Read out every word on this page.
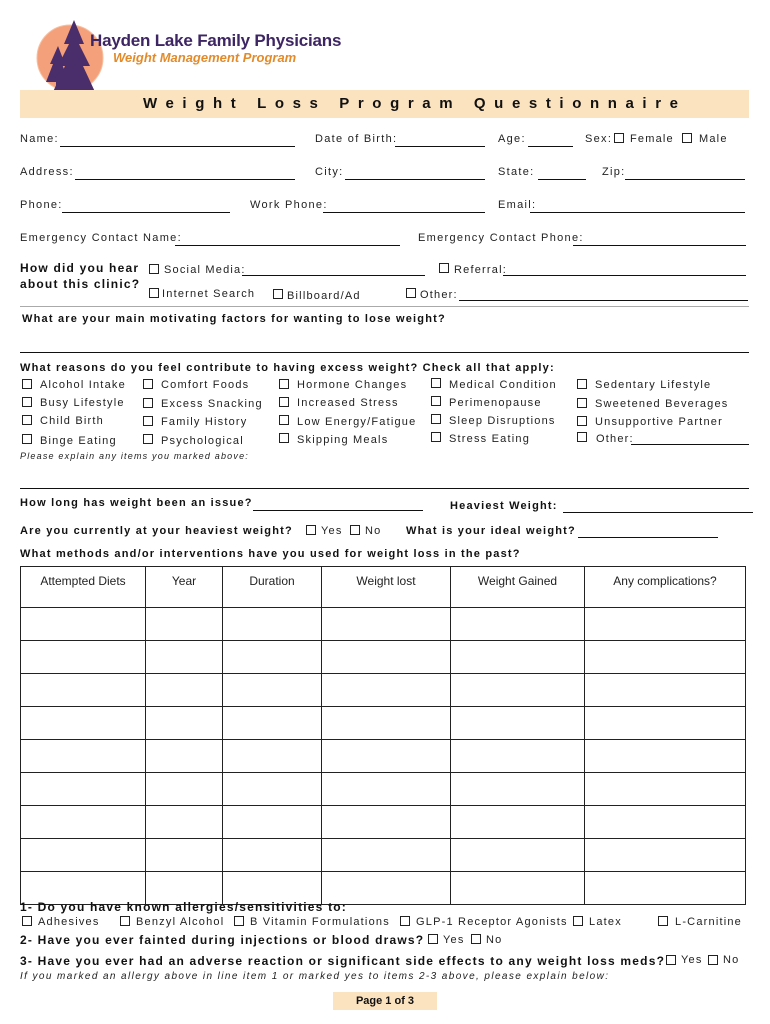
Hayden Lake Family Physicians
Weight Management Program
Weight Loss Program Questionnaire
Name:	Date of Birth:	Age:	Sex: Female Male
Address:	City:	State:	Zip:
Phone:	Work Phone:	Email:
Emergency Contact Name:	Emergency Contact Phone:
How did you hear
about this clinic?
Social Media:	Referral:
Internet Search	Billboard/Ad	Other:
What are your main motivating factors for wanting to lose weight?
What reasons do you feel contribute to having excess weight? Check all that apply:
Alcohol Intake
Busy Lifestyle
Child Birth
Binge Eating
Comfort Foods
Excess Snacking
Family History
Psychological
Hormone Changes
Increased Stress
Low Energy/Fatigue
Skipping Meals
Medical Condition
Perimenopause
Sleep Disruptions
Stress Eating
Sedentary Lifestyle
Sweetened Beverages
Unsupportive Partner
Other:
Please explain any items you marked above:
How long has weight been an issue?	Heaviest Weight:
Are you currently at your heaviest weight?	Yes No What is your ideal weight?
What methods and/or interventions have you used for weight loss in the past?
Attempted Diets	Year	Duration	Weight lost	Weight Gained	Any complications?

1- Do you have known allergies/sensitivities to:
Adhesives	Benzyl Alcohol B Vitamin Formulations GLP-1 Receptor Agonists Latex	L-Carnitine
2- Have you ever fainted during injections or blood draws? Yes No
3- Have you ever had an adverse reaction or significant side effects to any weight loss meds? Yes No
If you marked an allergy above in line item 1 or marked yes to items 2-3 above, please explain below:
Page 1 of 3
